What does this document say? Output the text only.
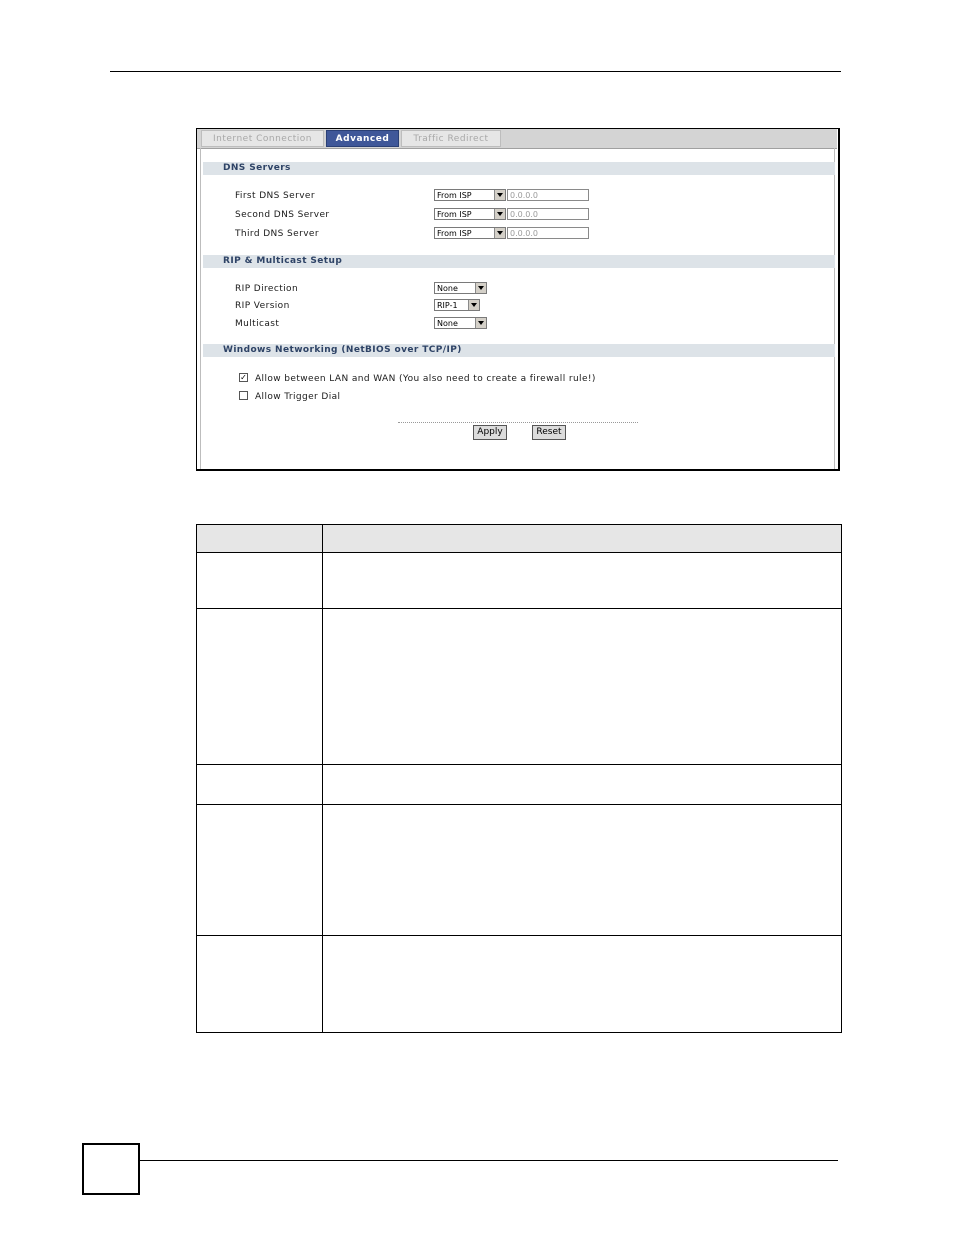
Internet Connection	Advanced	Traffic Redirect
DNS Servers
First DNS Server	From ISP	0.0.0.0
Second DNS Server	From ISP	0.0.0.0
Third DNS Server	From ISP	0.0.0.0
RIP & Multicast Setup
RIP Direction	None
RIP Version	RIP-1
Multicast	None
Windows Networking (NetBIOS over TCP/IP)
✓ Allow between LAN and WAN (You also need to create a firewall rule!)
Allow Trigger Dial
Apply	Reset
